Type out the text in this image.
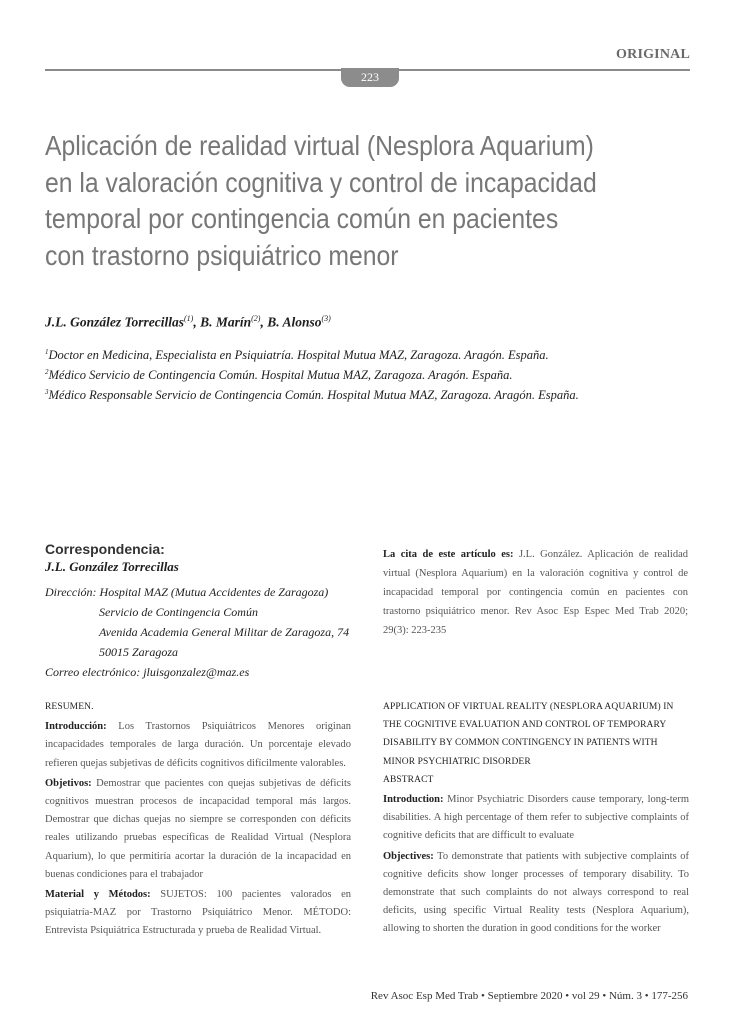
ORIGINAL
223
Aplicación de realidad virtual (Nesplora Aquarium)
en la valoración cognitiva y control de incapacidad
temporal por contingencia común en pacientes
con trastorno psiquiátrico menor
J.L. González Torrecillas$^{(1)}$, B. Marín$^{(2)}$, B. Alonso$^{(3)}$
$^1$Doctor en Medicina, Especialista en Psiquiatría. Hospital Mutua MAZ, Zaragoza. Aragón. España.
$^2$Médico Servicio de Contingencia Común. Hospital Mutua MAZ, Zaragoza. Aragón. España.
$^3$Médico Responsable Servicio de Contingencia Común. Hospital Mutua MAZ, Zaragoza. Aragón. España.
Correspondencia:
J.L. González Torrecillas
Dirección: Hospital MAZ (Mutua Accidentes de Zaragoza)
Servicio de Contingencia Común
Avenida Academia General Militar de Zaragoza, 74
50015 Zaragoza
Correo electrónico: jluisgonzalez@maz.es
La cita de este artículo es: J.L. González. Aplicación de realidad virtual (Nesplora Aquarium) en la valoración cognitiva y control de incapacidad temporal por contingencia común en pacientes con trastorno psiquiátrico menor. Rev Asoc Esp Espec Med Trab 2020; 29(3): 223-235
RESUMEN.
Introducción: Los Trastornos Psiquiátricos Menores originan incapacidades temporales de larga duración. Un porcentaje elevado refieren quejas subjetivas de déficits cognitivos difícilmente valorables.
Objetivos: Demostrar que pacientes con quejas subjetivas de déficits cognitivos muestran procesos de incapacidad temporal más largos. Demostrar que dichas quejas no siempre se corresponden con déficits reales utilizando pruebas específicas de Realidad Virtual (Nesplora Aquarium), lo que permitiría acortar la duración de la incapacidad en buenas condiciones para el trabajador
Material y Métodos: SUJETOS: 100 pacientes valorados en psiquiatría-MAZ por Trastorno Psiquiátrico Menor. MÉTODO: Entrevista Psiquiátrica Estructurada y prueba de Realidad Virtual.
APPLICATION OF VIRTUAL REALITY (NESPLORA AQUARIUM) IN THE COGNITIVE EVALUATION AND CONTROL OF TEMPORARY DISABILITY BY COMMON CONTINGENCY IN PATIENTS WITH MINOR PSYCHIATRIC DISORDER
ABSTRACT
Introduction: Minor Psychiatric Disorders cause temporary, long-term disabilities. A high percentage of them refer to subjective complaints of cognitive deficits that are difficult to evaluate
Objectives: To demonstrate that patients with subjective complaints of cognitive deficits show longer processes of temporary disability. To demonstrate that such complaints do not always correspond to real deficits, using specific Virtual Reality tests (Nesplora Aquarium), allowing to shorten the duration in good conditions for the worker
Rev Asoc Esp Med Trab • Septiembre 2020 • vol 29 • Núm. 3 • 177-256
